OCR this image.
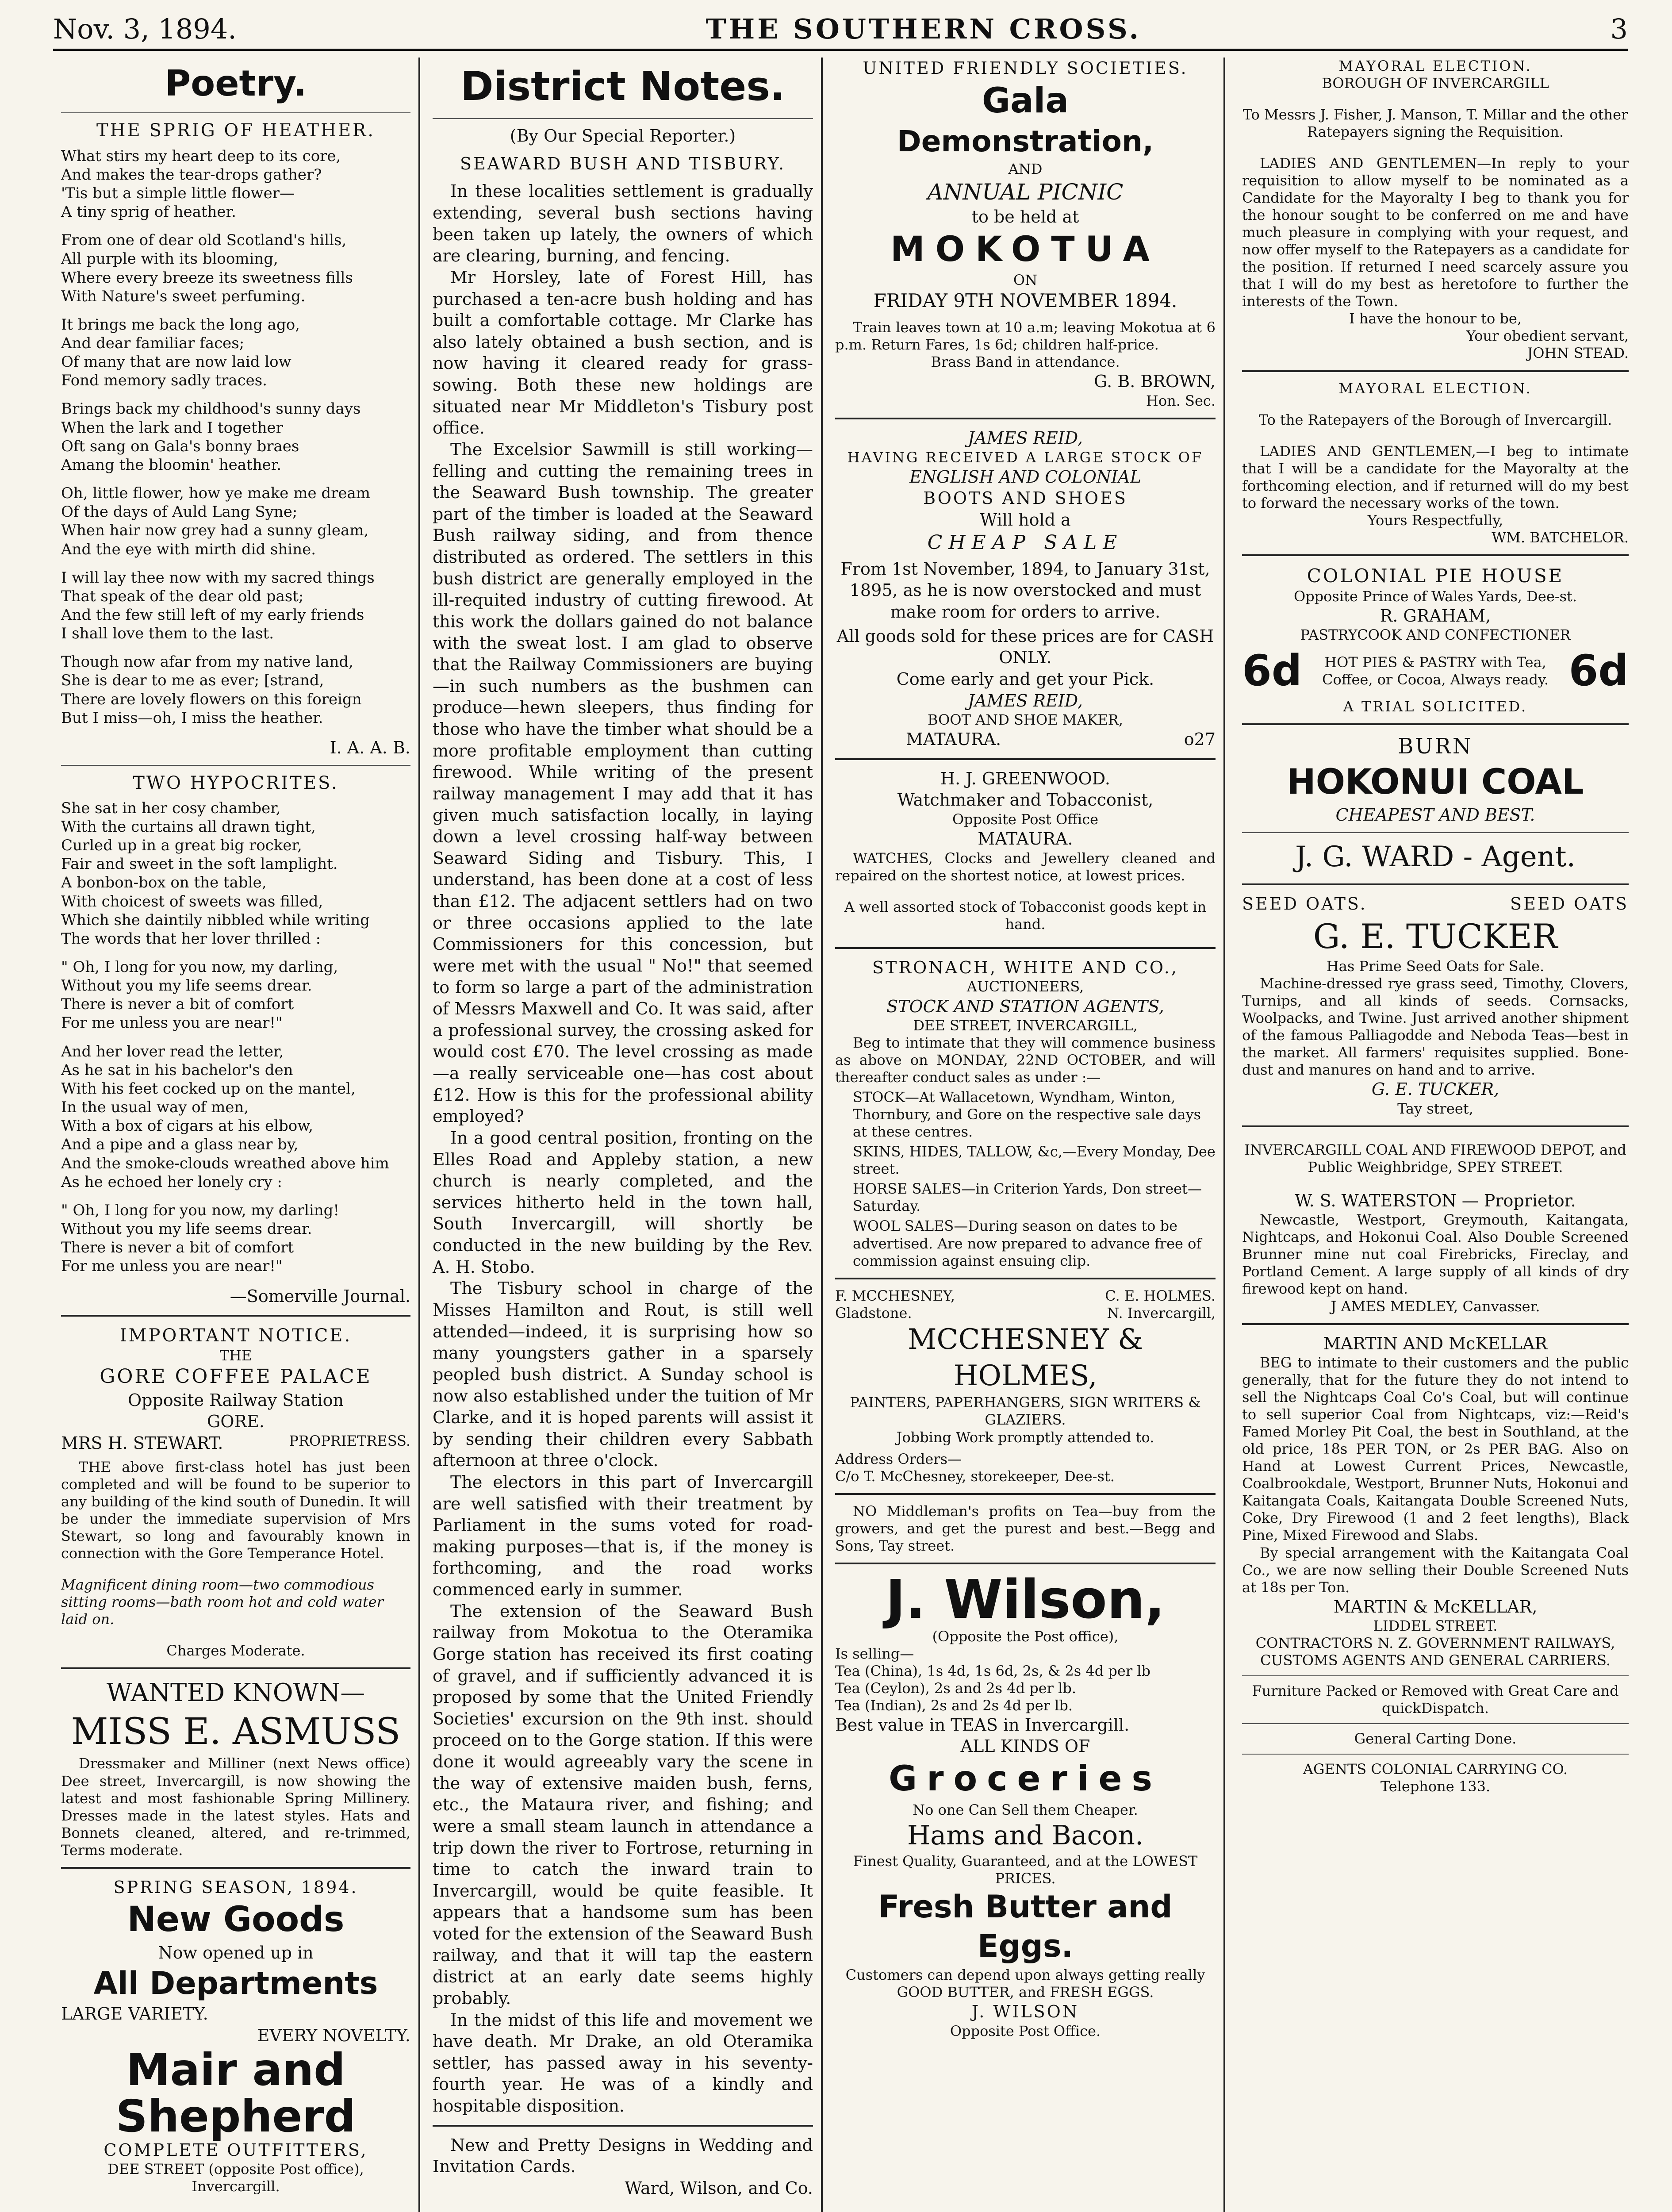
Nov. 3, 1894.	THE SOUTHERN CROSS.	3
Poetry.
THE SPRIG OF HEATHER.

What stirs my heart deep to its core,
And makes the tear-drops gather?
'Tis but a simple little flower—
A tiny sprig of heather.

From one of dear old Scotland's hills,
All purple with its blooming,
Where every breeze its sweetness fills
With Nature's sweet perfuming.

It brings me back the long ago,
And dear familiar faces;
Of many that are now laid low
Fond memory sadly traces.

Brings back my childhood's sunny days
When the lark and I together
Oft sang on Gala's bonny braes
Amang the bloomin' heather.

Oh, little flower, how ye make me dream
Of the days of Auld Lang Syne;
When hair now grey had a sunny gleam,
And the eye with mirth did shine.

I will lay thee now with my sacred things
That speak of the dear old past;
And the few still left of my early friends
I shall love them to the last.

Though now afar from my native land,
She is dear to me as ever; [strand,
There are lovely flowers on this foreign
But I miss—oh, I miss the heather.

I. A. A. B.
TWO HYPOCRITES.

She sat in her cosy chamber,
With the curtains all drawn tight,
Curled up in a great big rocker,
Fair and sweet in the soft lamplight.
A bonbon-box on the table,
With choicest of sweets was filled,
Which she daintily nibbled while writing
The words that her lover thrilled :

" Oh, I long for you now, my darling,
Without you my life seems drear.
There is never a bit of comfort
For me unless you are near!"

And her lover read the letter,
As he sat in his bachelor's den
With his feet cocked up on the mantel,
In the usual way of men,
With a box of cigars at his elbow,
And a pipe and a glass near by,
And the smoke-clouds wreathed above him
As he echoed her lonely cry :

" Oh, I long for you now, my darling!
Without you my life seems drear.
There is never a bit of comfort
For me unless you are near!"

—Somerville Journal.
IMPORTANT NOTICE.
THE
GORE COFFEE PALACE
Opposite Railway Station
GORE.
MRS H. STEWART.	PROPRIETRESS.

THE above first-class hotel has just been completed and will be found to be superior to any building of the kind south of Dunedin. It will be under the immediate supervision of Mrs Stewart, so long and favourably known in connection with the Gore Temperance Hotel.

Magnificent dining room—two commodious sitting rooms—bath room hot and cold water laid on.

Charges Moderate.
WANTED KNOWN—
MISS E. ASMUSS

Dressmaker and Milliner (next News office) Dee street, Invercargill, is now showing the latest and most fashionable Spring Millinery. Dresses made in the latest styles. Hats and Bonnets cleaned, altered, and re-trimmed, Terms moderate.

SPRING SEASON, 1894.
New Goods
Now opened up in
All Departments
LARGE VARIETY.
EVERY NOVELTY.
Mair and Shepherd
COMPLETE OUTFITTERS,
DEE STREET (opposite Post office),
Invercargill.
District Notes.
(By Our Special Reporter.)
SEAWARD BUSH AND TISBURY.

In these localities settlement is gradually extending, several bush sections having been taken up lately, the owners of which are clearing, burning, and fencing.

Mr Horsley, late of Forest Hill, has purchased a ten-acre bush holding and has built a comfortable cottage. Mr Clarke has also lately obtained a bush section, and is now having it cleared ready for grass-sowing. Both these new holdings are situated near Mr Middleton's Tisbury post office.

The Excelsior Sawmill is still working—felling and cutting the remaining trees in the Seaward Bush township. The greater part of the timber is loaded at the Seaward Bush railway siding, and from thence distributed as ordered. The settlers in this bush district are generally employed in the ill-requited industry of cutting firewood. At this work the dollars gained do not balance with the sweat lost. I am glad to observe that the Railway Commissioners are buying—in such numbers as the bushmen can produce—hewn sleepers, thus finding for those who have the timber what should be a more profitable employment than cutting firewood. While writing of the present railway management I may add that it has given much satisfaction locally, in laying down a level crossing half-way between Seaward Siding and Tisbury. This, I understand, has been done at a cost of less than £12. The adjacent settlers had on two or three occasions applied to the late Commissioners for this concession, but were met with the usual " No!" that seemed to form so large a part of the administration of Messrs Maxwell and Co. It was said, after a professional survey, the crossing asked for would cost £70. The level crossing as made—a really serviceable one—has cost about £12. How is this for the professional ability employed?

In a good central position, fronting on the Elles Road and Appleby station, a new church is nearly completed, and the services hitherto held in the town hall, South Invercargill, will shortly be conducted in the new building by the Rev. A. H. Stobo.

The Tisbury school in charge of the Misses Hamilton and Rout, is still well attended—indeed, it is surprising how so many youngsters gather in a sparsely peopled bush district. A Sunday school is now also established under the tuition of Mr Clarke, and it is hoped parents will assist it by sending their children every Sabbath afternoon at three o'clock.

The electors in this part of Invercargill are well satisfied with their treatment by Parliament in the sums voted for road-making purposes—that is, if the money is forthcoming, and the road works commenced early in summer.

The extension of the Seaward Bush railway from Mokotua to the Oteramika Gorge station has received its first coating of gravel, and if sufficiently advanced it is proposed by some that the United Friendly Societies' excursion on the 9th inst. should proceed on to the Gorge station. If this were done it would agreeably vary the scene in the way of extensive maiden bush, ferns, etc., the Mataura river, and fishing; and were a small steam launch in attendance a trip down the river to Fortrose, returning in time to catch the inward train to Invercargill, would be quite feasible. It appears that a handsome sum has been voted for the extension of the Seaward Bush railway, and that it will tap the eastern district at an early date seems highly probably.

In the midst of this life and movement we have death. Mr Drake, an old Oteramika settler, has passed away in his seventy-fourth year. He was of a kindly and hospitable disposition.

New and Pretty Designs in Wedding and Invitation Cards.

Ward, Wilson, and Co.
UNITED FRIENDLY SOCIETIES.
Gala
Demonstration,
AND
ANNUAL PICNIC
to be held at
MOKOTUA
ON
FRIDAY 9TH NOVEMBER 1894.

Train leaves town at 10 a.m; leaving Mokotua at 6 p.m. Return Fares, 1s 6d; children half-price.

Brass Band in attendance.
G. B. BROWN,
Hon. Sec.
JAMES REID,
HAVING RECEIVED A LARGE STOCK OF
ENGLISH AND COLONIAL
BOOTS AND SHOES
Will hold a
CHEAP SALE

From 1st November, 1894, to January 31st, 1895, as he is now overstocked and must make room for orders to arrive.

All goods sold for these prices are for CASH ONLY.
Come early and get your Pick.
JAMES REID,
BOOT AND SHOE MAKER,
MATAURA.	o27
H. J. GREENWOOD.
Watchmaker and Tobacconist,
Opposite Post Office
MATAURA.

WATCHES, Clocks and Jewellery cleaned and repaired on the shortest notice, at lowest prices.

A well assorted stock of Tobacconist goods kept in hand.

STRONACH, WHITE AND CO.,
AUCTIONEERS,
STOCK AND STATION AGENTS,
DEE STREET, INVERCARGILL,

Beg to intimate that they will commence business as above on MONDAY, 22ND OCTOBER, and will thereafter conduct sales as under :—

STOCK—At Wallacetown, Wyndham, Winton, Thornbury, and Gore on the respective sale days at these centres.

SKINS, HIDES, TALLOW, &c,—Every Monday, Dee street.

HORSE SALES—in Criterion Yards, Don street—Saturday.

WOOL SALES—During season on dates to be advertised. Are now prepared to advance free of commission against ensuing clip.

F. MCCHESNEY,
Gladstone.
C. E. HOLMES.
N. Invercargill,
MCCHESNEY & HOLMES,
PAINTERS, PAPERHANGERS, SIGN WRITERS & GLAZIERS.
Jobbing Work promptly attended to.
Address Orders—
C/o T. McChesney, storekeeper, Dee-st.

NO Middleman's profits on Tea—buy from the growers, and get the purest and best.—Begg and Sons, Tay street.

J. Wilson,
(Opposite the Post office),
Is selling—
Tea (China), 1s 4d, 1s 6d, 2s, & 2s 4d per lb
Tea (Ceylon), 2s and 2s 4d per lb.
Tea (Indian), 2s and 2s 4d per lb.
Best value in TEAS in Invercargill.
ALL KINDS OF
Groceries
No one Can Sell them Cheaper.
Hams and Bacon.
Finest Quality, Guaranteed, and at the LOWEST PRICES.
Fresh Butter and Eggs.
Customers can depend upon always getting really GOOD BUTTER, and FRESH EGGS.
J. WILSON
Opposite Post Office.
MAYORAL ELECTION.
BOROUGH OF INVERCARGILL

To Messrs J. Fisher, J. Manson, T. Millar and the other Ratepayers signing the Requisition.

LADIES AND GENTLEMEN—In reply to your requisition to allow myself to be nominated as a Candidate for the Mayoralty I beg to thank you for the honour sought to be conferred on me and have much pleasure in complying with your request, and now offer myself to the Ratepayers as a candidate for the position. If returned I need scarcely assure you that I will do my best as heretofore to further the interests of the Town.

I have the honour to be,
Your obedient servant,
JOHN STEAD.
MAYORAL ELECTION.

To the Ratepayers of the Borough of Invercargill.

LADIES AND GENTLEMEN,—I beg to intimate that I will be a candidate for the Mayoralty at the forthcoming election, and if returned will do my best to forward the necessary works of the town.

Yours Respectfully,
WM. BATCHELOR.
COLONIAL PIE HOUSE
Opposite Prince of Wales Yards, Dee-st.
R. GRAHAM,
PASTRYCOOK AND CONFECTIONER
6d HOT PIES & PASTRY with Tea, Coffee, or Cocoa, Always ready. 6d
A TRIAL SOLICITED.
BURN
HOKONUI COAL
CHEAPEST AND BEST.
J. G. WARD - Agent.
SEED OATS.	SEED OATS
G. E. TUCKER
Has Prime Seed Oats for Sale.

Machine-dressed rye grass seed, Timothy, Clovers, Turnips, and all kinds of seeds. Cornsacks, Woolpacks, and Twine. Just arrived another shipment of the famous Palliagodde and Neboda Teas—best in the market. All farmers' requisites supplied. Bone-dust and manures on hand and to arrive.

G. E. TUCKER,
Tay street,

INVERCARGILL COAL AND FIREWOOD DEPOT, and Public Weighbridge, SPEY STREET.

W. S. WATERSTON — Proprietor.

Newcastle, Westport, Greymouth, Kaitangata, Nightcaps, and Hokonui Coal. Also Double Screened Brunner mine nut coal Firebricks, Fireclay, and Portland Cement. A large supply of all kinds of dry firewood kept on hand.

J AMES MEDLEY, Canvasser.
MARTIN AND McKELLAR

BEG to intimate to their customers and the public generally, that for the future they do not intend to sell the Nightcaps Coal Co's Coal, but will continue to sell superior Coal from Nightcaps, viz:—Reid's Famed Morley Pit Coal, the best in Southland, at the old price, 18s PER TON, or 2s PER BAG. Also on Hand at Lowest Current Prices, Newcastle, Coalbrookdale, Westport, Brunner Nuts, Hokonui and Kaitangata Coals, Kaitangata Double Screened Nuts, Coke, Dry Firewood (1 and 2 feet lengths), Black Pine, Mixed Firewood and Slabs.

By special arrangement with the Kaitangata Coal Co., we are now selling their Double Screened Nuts at 18s per Ton.

MARTIN & McKELLAR,
LIDDEL STREET.
CONTRACTORS N. Z. GOVERNMENT RAILWAYS,
CUSTOMS AGENTS AND GENERAL CARRIERS.
Furniture Packed or Removed with Great Care and quickDispatch.
General Carting Done.
AGENTS COLONIAL CARRYING CO.
Telephone 133.
